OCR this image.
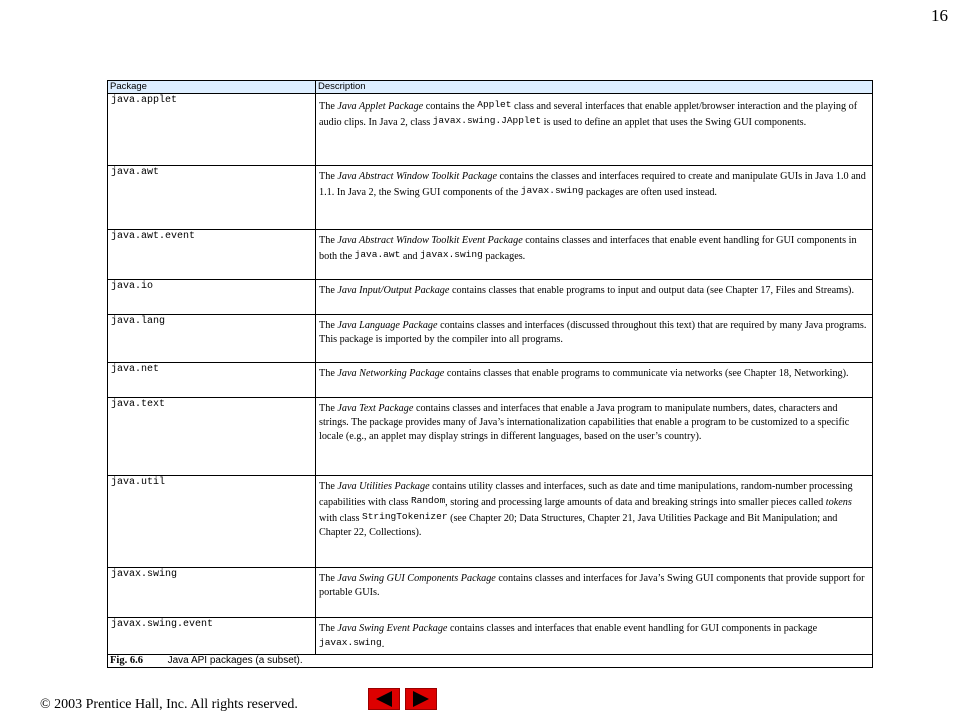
16
Package	Description
java.applet	The Java Applet Package contains the Applet class and several interfaces that enable applet/browser interaction and the playing of audio clips. In Java 2, class javax.swing.JApplet is used to define an applet that uses the Swing GUI components.
java.awt	The Java Abstract Window Toolkit Package contains the classes and interfaces required to create and manipulate GUIs in Java 1.0 and 1.1. In Java 2, the Swing GUI components of the javax.swing packages are often used instead.
java.awt.event	The Java Abstract Window Toolkit Event Package contains classes and interfaces that enable event handling for GUI components in both the java.awt and javax.swing packages.
java.io	The Java Input/Output Package contains classes that enable programs to input and output data (see Chapter 17, Files and Streams).
java.lang	The Java Language Package contains classes and interfaces (discussed throughout this text) that are required by many Java programs. This package is imported by the compiler into all programs.
java.net	The Java Networking Package contains classes that enable programs to communicate via networks (see Chapter 18, Networking).
java.text	The Java Text Package contains classes and interfaces that enable a Java program to manipulate numbers, dates, characters and strings. The package provides many of Java’s internationalization capabilities that enable a program to be customized to a specific locale (e.g., an applet may display strings in different languages, based on the user’s country).
java.util	The Java Utilities Package contains utility classes and interfaces, such as date and time manipulations, random-number processing capabilities with class Random, storing and processing large amounts of data and breaking strings into smaller pieces called tokens with class StringTokenizer (see Chapter 20; Data Structures, Chapter 21, Java Utilities Package and Bit Manipulation; and Chapter 22, Collections).
javax.swing	The Java Swing GUI Components Package contains classes and interfaces for Java’s Swing GUI components that provide support for portable GUIs.
javax.swing.event	The Java Swing Event Package contains classes and interfaces that enable event handling for GUI components in package javax.swing.
Fig. 6.6 Java API packages (a subset).	
© 2003 Prentice Hall, Inc. All rights reserved.
